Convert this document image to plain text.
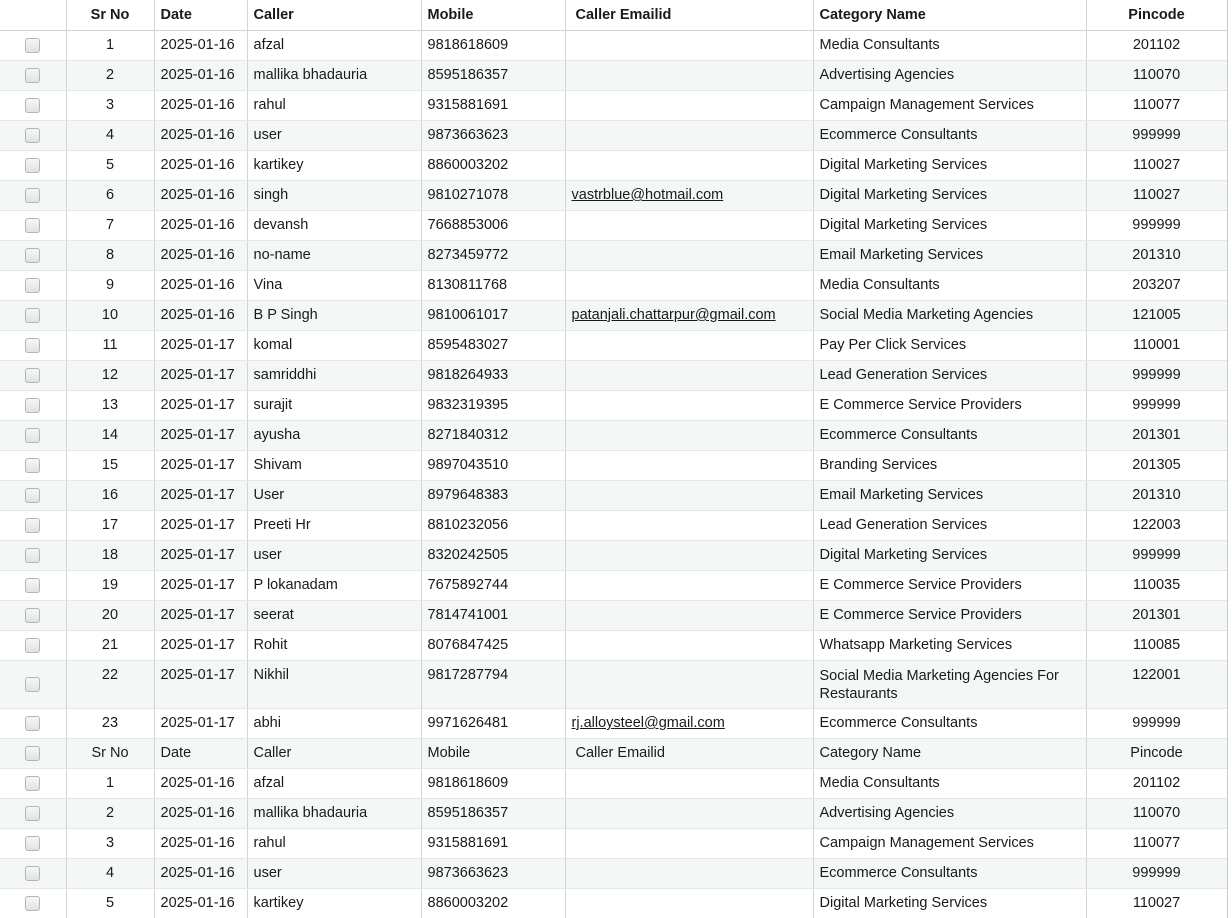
	Sr No	Date	Caller	Mobile	Caller Emailid	Category Name	Pincode
	1	2025-01-16	afzal	9818618609		Media Consultants	201102
	2	2025-01-16	mallika bhadauria	8595186357		Advertising Agencies	110070
	3	2025-01-16	rahul	9315881691		Campaign Management Services	110077
	4	2025-01-16	user	9873663623		Ecommerce Consultants	999999
	5	2025-01-16	kartikey	8860003202		Digital Marketing Services	110027
	6	2025-01-16	singh	9810271078	vastrblue@hotmail.com	Digital Marketing Services	110027
	7	2025-01-16	devansh	7668853006		Digital Marketing Services	999999
	8	2025-01-16	no-name	8273459772		Email Marketing Services	201310
	9	2025-01-16	Vina	8130811768		Media Consultants	203207
	10	2025-01-16	B P Singh	9810061017	patanjali.chattarpur@gmail.com	Social Media Marketing Agencies	121005
	11	2025-01-17	komal	8595483027		Pay Per Click Services	110001
	12	2025-01-17	samriddhi	9818264933		Lead Generation Services	999999
	13	2025-01-17	surajit	9832319395		E Commerce Service Providers	999999
	14	2025-01-17	ayusha	8271840312		Ecommerce Consultants	201301
	15	2025-01-17	Shivam	9897043510		Branding Services	201305
	16	2025-01-17	User	8979648383		Email Marketing Services	201310
	17	2025-01-17	Preeti Hr	8810232056		Lead Generation Services	122003
	18	2025-01-17	user	8320242505		Digital Marketing Services	999999
	19	2025-01-17	P lokanadam	7675892744		E Commerce Service Providers	110035
	20	2025-01-17	seerat	7814741001		E Commerce Service Providers	201301
	21	2025-01-17	Rohit	8076847425		Whatsapp Marketing Services	110085
	22	2025-01-17	Nikhil	9817287794		Social Media Marketing Agencies For Restaurants	122001
	23	2025-01-17	abhi	9971626481	rj.alloysteel@gmail.com	Ecommerce Consultants	999999
	Sr No	Date	Caller	Mobile	Caller Emailid	Category Name	Pincode
	1	2025-01-16	afzal	9818618609		Media Consultants	201102
	2	2025-01-16	mallika bhadauria	8595186357		Advertising Agencies	110070
	3	2025-01-16	rahul	9315881691		Campaign Management Services	110077
	4	2025-01-16	user	9873663623		Ecommerce Consultants	999999
	5	2025-01-16	kartikey	8860003202		Digital Marketing Services	110027
